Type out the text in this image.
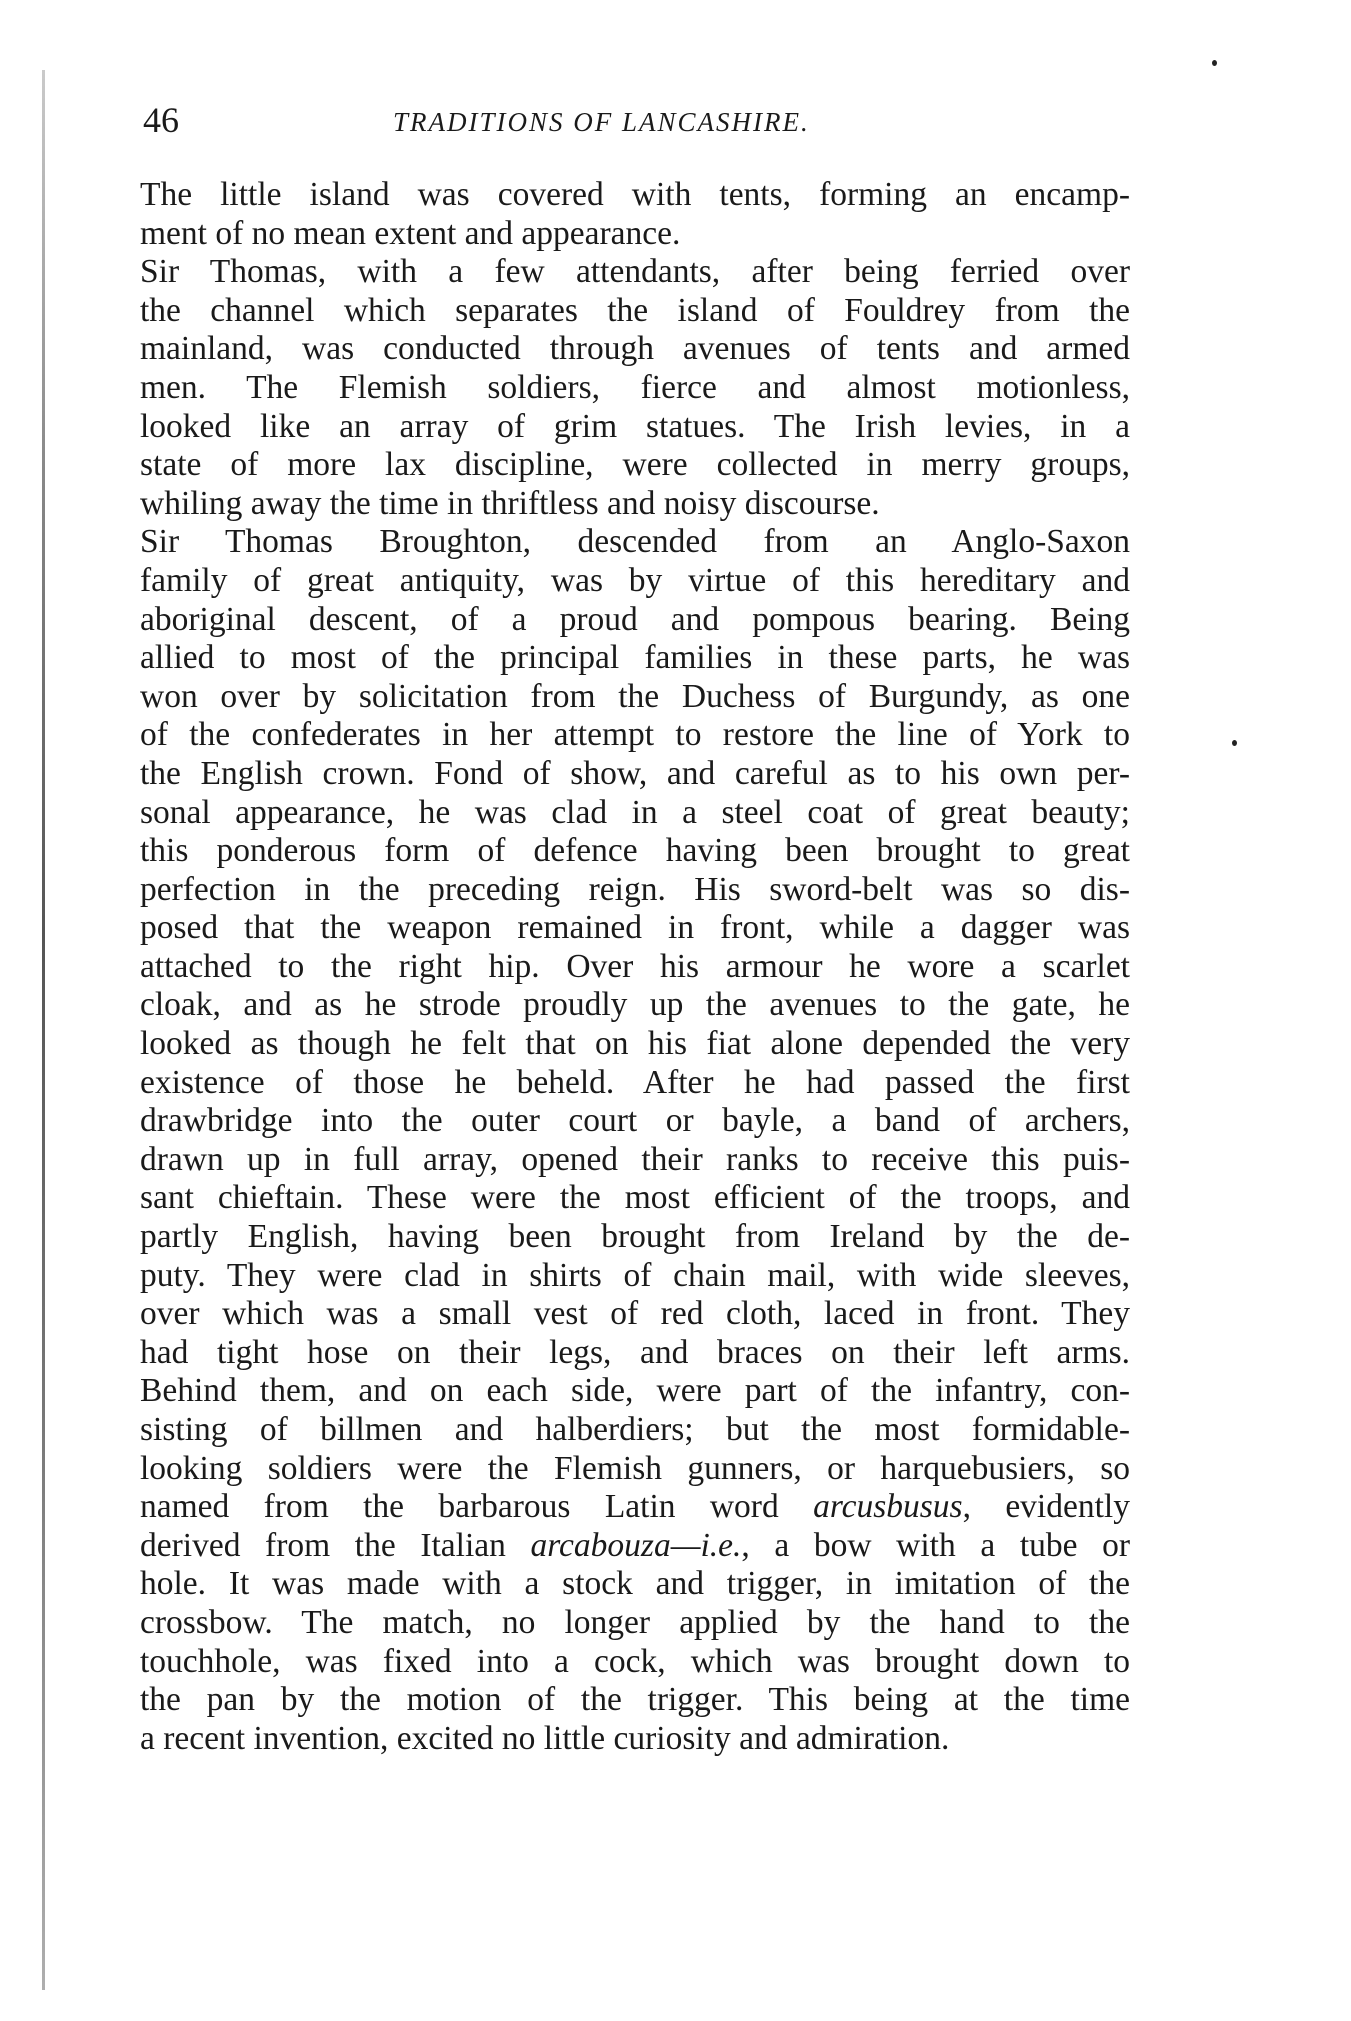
46	TRADITIONS OF LANCASHIRE.
The little island was covered with tents, forming an encamp-
ment of no mean extent and appearance.
Sir Thomas, with a few attendants, after being ferried over
the channel which separates the island of Fouldrey from the
mainland, was conducted through avenues of tents and armed
men. The Flemish soldiers, fierce and almost motionless,
looked like an array of grim statues. The Irish levies, in a
state of more lax discipline, were collected in merry groups,
whiling away the time in thriftless and noisy discourse.
Sir Thomas Broughton, descended from an Anglo-Saxon
family of great antiquity, was by virtue of this hereditary and
aboriginal descent, of a proud and pompous bearing. Being
allied to most of the principal families in these parts, he was
won over by solicitation from the Duchess of Burgundy, as one
of the confederates in her attempt to restore the line of York to
the English crown. Fond of show, and careful as to his own per-
sonal appearance, he was clad in a steel coat of great beauty;
this ponderous form of defence having been brought to great
perfection in the preceding reign. His sword-belt was so dis-
posed that the weapon remained in front, while a dagger was
attached to the right hip. Over his armour he wore a scarlet
cloak, and as he strode proudly up the avenues to the gate, he
looked as though he felt that on his fiat alone depended the very
existence of those he beheld. After he had passed the first
drawbridge into the outer court or bayle, a band of archers,
drawn up in full array, opened their ranks to receive this puis-
sant chieftain. These were the most efficient of the troops, and
partly English, having been brought from Ireland by the de-
puty. They were clad in shirts of chain mail, with wide sleeves,
over which was a small vest of red cloth, laced in front. They
had tight hose on their legs, and braces on their left arms.
Behind them, and on each side, were part of the infantry, con-
sisting of billmen and halberdiers; but the most formidable-
looking soldiers were the Flemish gunners, or harquebusiers, so
named from the barbarous Latin word arcusbusus, evidently
derived from the Italian arcabouza—i.e., a bow with a tube or
hole. It was made with a stock and trigger, in imitation of the
crossbow. The match, no longer applied by the hand to the
touchhole, was fixed into a cock, which was brought down to
the pan by the motion of the trigger. This being at the time
a recent invention, excited no little curiosity and admiration.
